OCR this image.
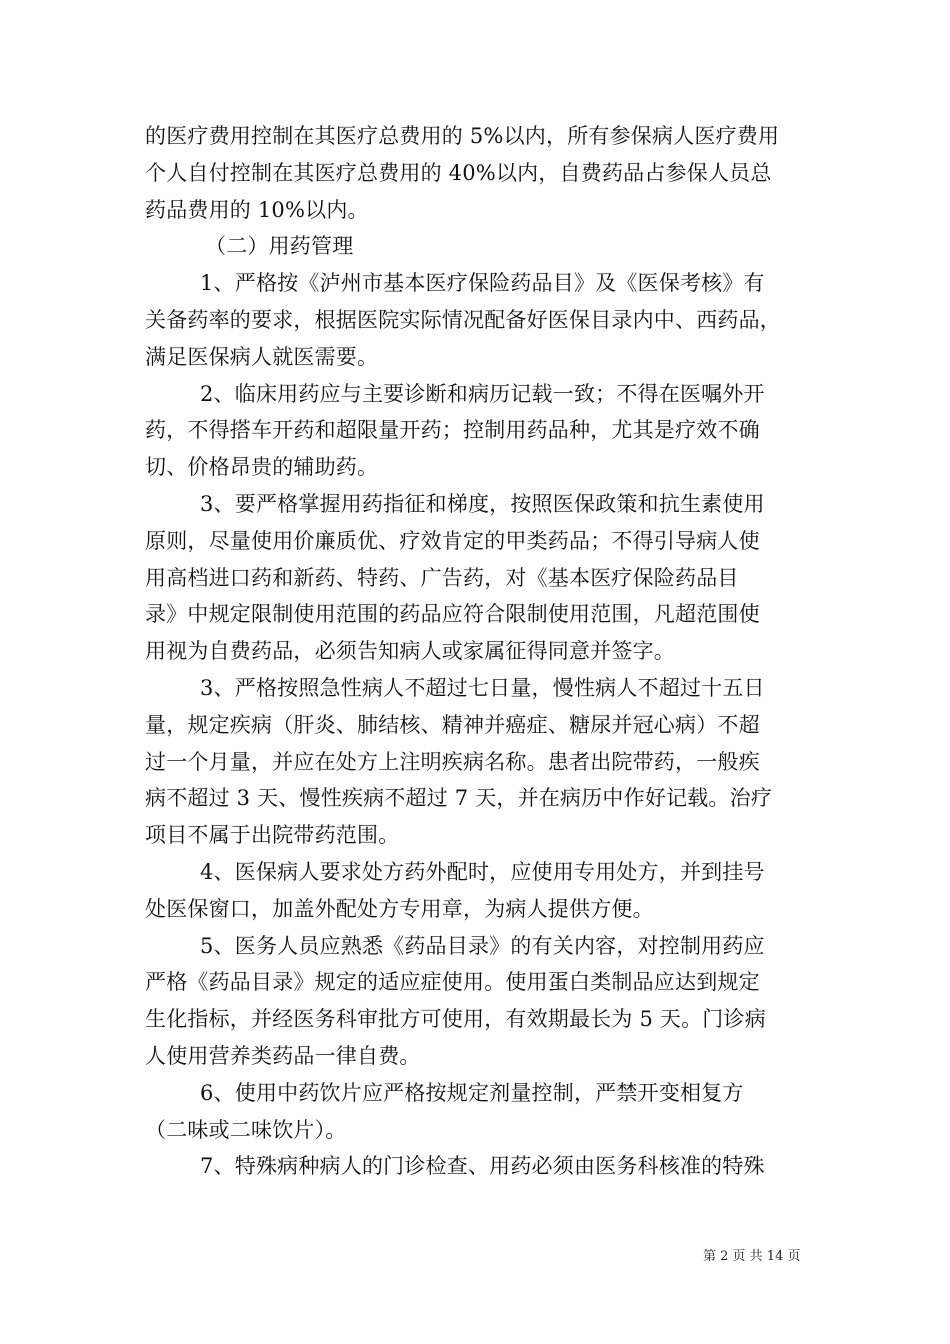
的医疗费用控制在其医疗总费用的 5%以内，所有参保病人医疗费用
个人自付控制在其医疗总费用的 40%以内，自费药品占参保人员总
药品费用的 10%以内。
（二）用药管理
1、严格按《泸州市基本医疗保险药品目》及《医保考核》有
关备药率的要求，根据医院实际情况配备好医保目录内中、西药品，
满足医保病人就医需要。
2、临床用药应与主要诊断和病历记载一致；不得在医嘱外开
药，不得搭车开药和超限量开药；控制用药品种，尤其是疗效不确
切、价格昂贵的辅助药。
3、要严格掌握用药指征和梯度，按照医保政策和抗生素使用
原则，尽量使用价廉质优、疗效肯定的甲类药品；不得引导病人使
用高档进口药和新药、特药、广告药，对《基本医疗保险药品目
录》中规定限制使用范围的药品应符合限制使用范围，凡超范围使
用视为自费药品，必须告知病人或家属征得同意并签字。
3、严格按照急性病人不超过七日量，慢性病人不超过十五日
量，规定疾病（肝炎、肺结核、精神并癌症、糖尿并冠心病）不超
过一个月量，并应在处方上注明疾病名称。患者出院带药，一般疾
病不超过 3 天、慢性疾病不超过 7 天，并在病历中作好记载。治疗
项目不属于出院带药范围。
4、医保病人要求处方药外配时，应使用专用处方，并到挂号
处医保窗口，加盖外配处方专用章，为病人提供方便。
5、医务人员应熟悉《药品目录》的有关内容，对控制用药应
严格《药品目录》规定的适应症使用。使用蛋白类制品应达到规定
生化指标，并经医务科审批方可使用，有效期最长为 5 天。门诊病
人使用营养类药品一律自费。
6、使用中药饮片应严格按规定剂量控制，严禁开变相复方
（二味或二味饮片）。
7、特殊病种病人的门诊检查、用药必须由医务科核准的特殊
第 2 页 共 14 页
